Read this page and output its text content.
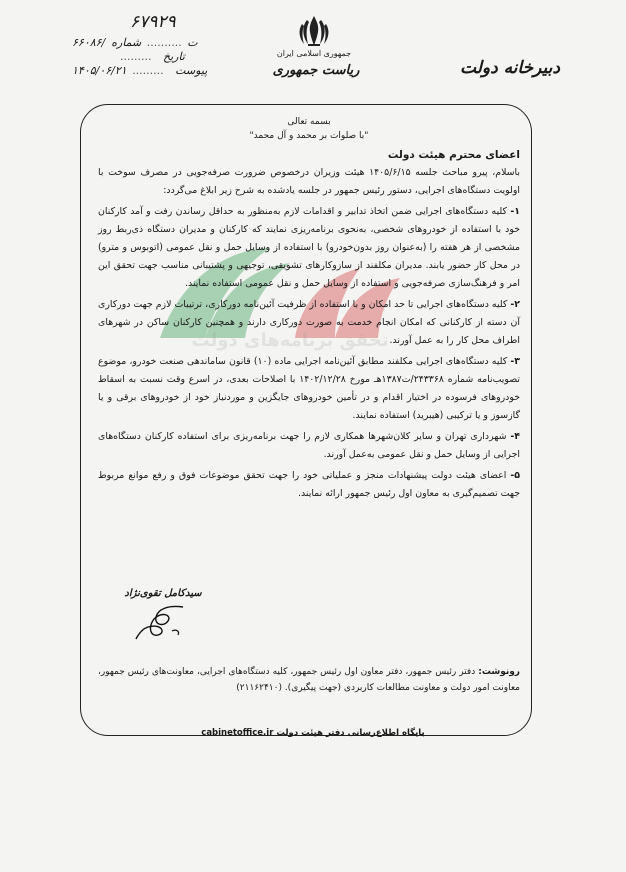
۶۷۹۲۹
۶۶۰۸۶/ت .......... شماره
......... تاریخ
۱۴۰۵/۰۶/۲۱ ......... پیوست
جمهوری اسلامی ایران
ریاست جمهوری	دبیرخانه دولت
تحقق برنامه‌های دولت
بسمه تعالی
"با صلوات بر محمد و آل محمد"
اعضای محترم هیئت دولت

باسلام، پیرو مباحث جلسه ۱۴۰۵/۶/۱۵ هیئت وزیران درخصوص ضرورت صرفه‌جویی در مصرف سوخت با اولویت دستگاه‌های اجرایی، دستور رئیس جمهور در جلسه یادشده به شرح زیر ابلاغ می‌گردد:

۱- کلیه دستگاه‌های اجرایی ضمن اتخاذ تدابیر و اقدامات لازم به‌منظور به حداقل رساندن رفت و آمد کارکنان خود با استفاده از خودروهای شخصی، به‌نحوی برنامه‌ریزی نمایند که کارکنان و مدیران دستگاه ذی‌ربط روز مشخصی از هر هفته را (به‌عنوان روز بدون‌خودرو) با استفاده از وسایل حمل و نقل عمومی (اتوبوس و مترو) در محل کار حضور یابند. مدیران مکلفند از سازوکارهای تشویقی، توجیهی و پشتیبانی مناسب جهت تحقق این امر و فرهنگ‌سازی صرفه‌جویی و استفاده از وسایل حمل و نقل عمومی استفاده نمایند.

۲- کلیه دستگاه‌های اجرایی تا حد امکان و با استفاده از ظرفیت آئین‌نامه دورکاری، ترتیبات لازم جهت دورکاری آن دسته از کارکنانی که امکان انجام خدمت به صورت دورکاری دارند و همچنین کارکنان ساکن در شهرهای اطراف محل کار را به عمل آورند.

۳- کلیه دستگاه‌های اجرایی مکلفند مطابق آئین‌نامه اجرایی ماده (۱۰) قانون ساماندهی صنعت خودرو، موضوع تصویب‌نامه شماره ۲۴۳۳۶۸/ت۱۳۸۷هـ مورخ ۱۴۰۲/۱۲/۲۸ با اصلاحات بعدی، در اسرع وقت نسبت به اسقاط خودروهای فرسوده در اختیار اقدام و در تأمین خودروهای جایگزین و موردنیاز خود از خودروهای برقی و یا گازسوز و یا ترکیبی (هیبرید) استفاده نمایند.

۴- شهرداری تهران و سایر کلان‌شهرها همکاری لازم را جهت برنامه‌ریزی برای استفاده کارکنان دستگاه‌های اجرایی از وسایل حمل و نقل عمومی به‌عمل آورند.

۵- اعضای هیئت دولت پیشنهادات منجز و عملیاتی خود را جهت تحقق موضوعات فوق و رفع موانع مربوط جهت تصمیم‌گیری به معاون اول رئیس جمهور ارائه نمایند.

سیدکامل تقوی‌نژاد
رونوشت: دفتر رئیس جمهور، دفتر معاون اول رئیس جمهور، کلیه دستگاه‌های اجرایی، معاونت‌های رئیس جمهور، معاونت امور دولت و معاونت مطالعات کاربردی (جهت پیگیری). (۲۱۱۶۲۴۱۰)
پایگاه اطلاع‌رسانی دفتر هیئت دولت cabinetoffice.ir
